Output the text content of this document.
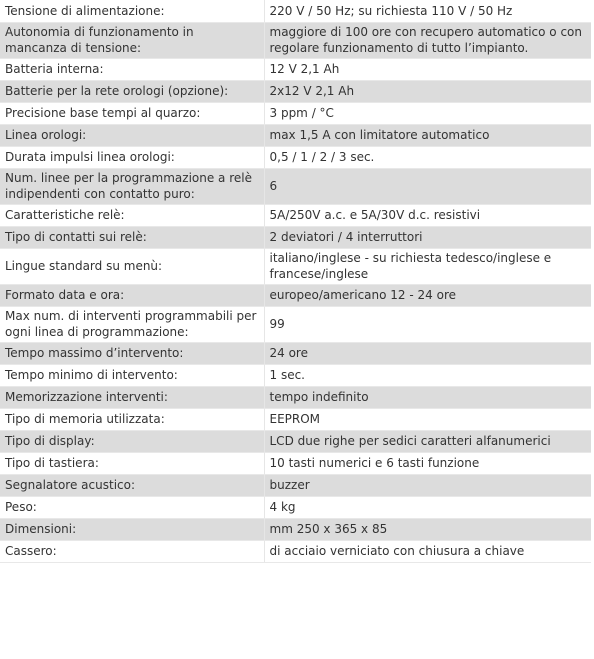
Tensione di alimentazione:	220 V / 50 Hz; su richiesta 110 V / 50 Hz
Autonomia di funzionamento in mancanza di tensione:	maggiore di 100 ore con recupero automatico o con regolare funzionamento di tutto l’impianto.
Batteria interna:	12 V 2,1 Ah
Batterie per la rete orologi (opzione):	2x12 V 2,1 Ah
Precisione base tempi al quarzo:	3 ppm / °C
Linea orologi:	max 1,5 A con limitatore automatico
Durata impulsi linea orologi:	0,5 / 1 / 2 / 3 sec.
Num. linee per la programmazione a relè indipendenti con contatto puro:	6
Caratteristiche relè:	5A/250V a.c. e 5A/30V d.c. resistivi
Tipo di contatti sui relè:	2 deviatori / 4 interruttori
Lingue standard su menù:	italiano/inglese - su richiesta tedesco/inglese e francese/inglese
Formato data e ora:	europeo/americano 12 - 24 ore
Max num. di interventi programmabili per ogni linea di programmazione:	99
Tempo massimo d’intervento:	24 ore
Tempo minimo di intervento:	1 sec.
Memorizzazione interventi:	tempo indefinito
Tipo di memoria utilizzata:	EEPROM
Tipo di display:	LCD due righe per sedici caratteri alfanumerici
Tipo di tastiera:	10 tasti numerici e 6 tasti funzione
Segnalatore acustico:	buzzer
Peso:	4 kg
Dimensioni:	mm 250 x 365 x 85
Cassero:	di acciaio verniciato con chiusura a chiave
